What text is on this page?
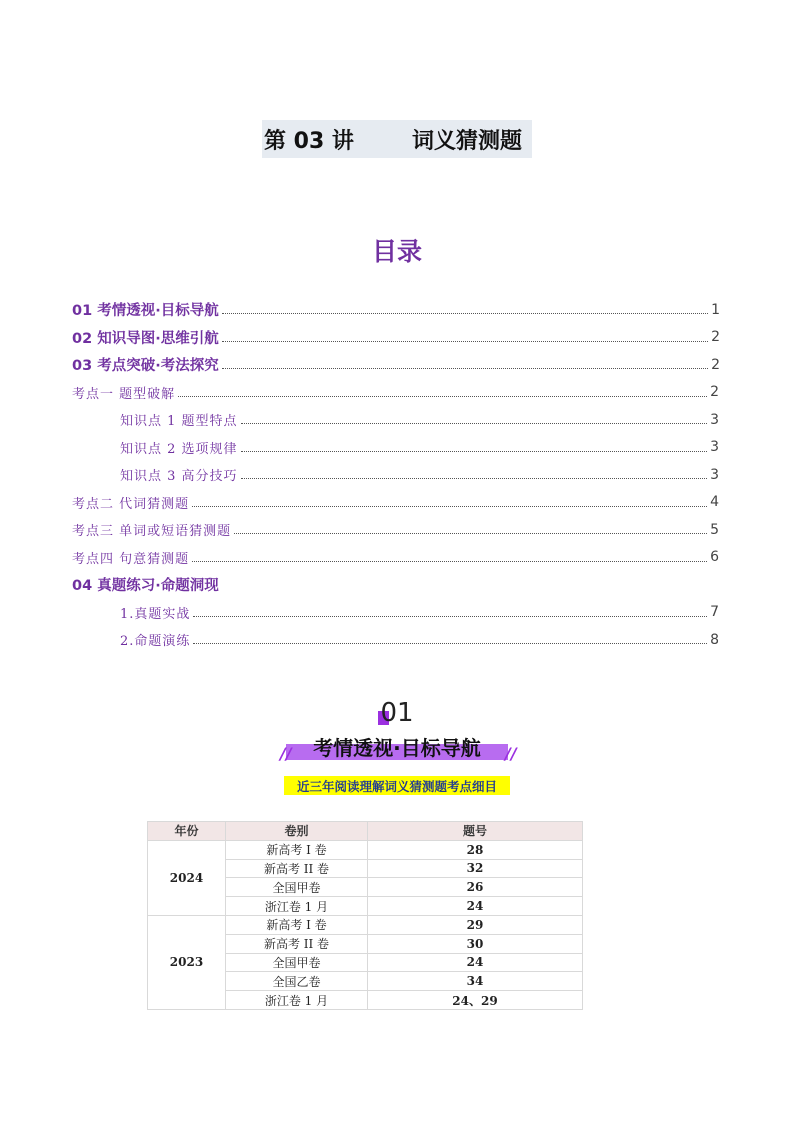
第 03 讲	词义猜测题
目录
01 考情透视·目标导航	1
02 知识导图·思维引航	2
03 考点突破·考法探究	2
考点一 题型破解	2
知识点 1 题型特点	3
知识点 2 选项规律	3
知识点 3 高分技巧	3
考点二 代词猜测题	4
考点三 单词或短语猜测题	5
考点四 句意猜测题	6
04 真题练习·命题洞现
1.真题实战	7
2.命题演练	8
01
//	//
考情透视·目标导航
近三年阅读理解词义猜测题考点细目
年份	卷别	题号
2024	新高考 I 卷	28
	新高考 II 卷	32
	全国甲卷	26
	浙江卷 1 月	24
2023	新高考 I 卷	29
	新高考 II 卷	30
	全国甲卷	24
	全国乙卷	34
	浙江卷 1 月	24、29
